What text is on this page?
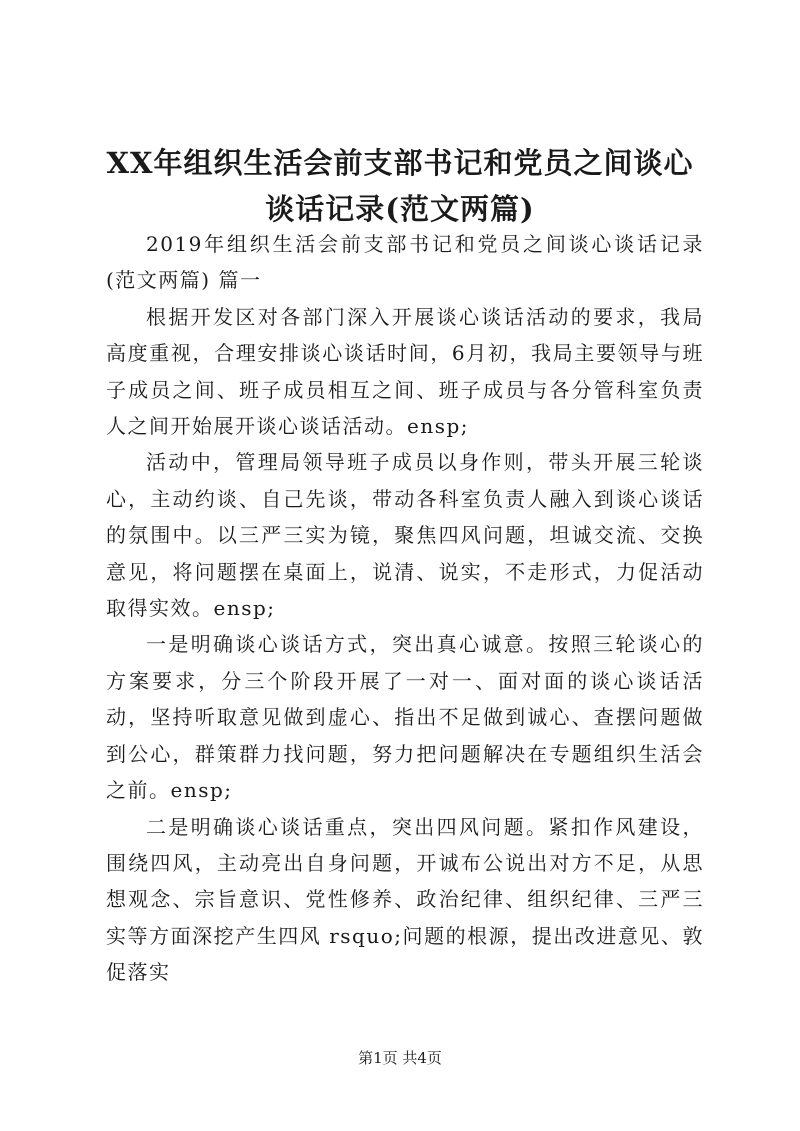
XX年组织生活会前支部书记和党员之间谈心
谈话记录(范文两篇)

2019年组织生活会前支部书记和党员之间谈心谈话记录(范文两篇) 篇一

根据开发区对各部门深入开展谈心谈话活动的要求，我局高度重视，合理安排谈心谈话时间，6月初，我局主要领导与班子成员之间、班子成员相互之间、班子成员与各分管科室负责人之间开始展开谈心谈话活动。ensp;

活动中，管理局领导班子成员以身作则，带头开展三轮谈心，主动约谈、自己先谈，带动各科室负责人融入到谈心谈话的氛围中。以三严三实为镜，聚焦四风问题，坦诚交流、交换意见，将问题摆在桌面上，说清、说实，不走形式，力促活动取得实效。ensp;

一是明确谈心谈话方式，突出真心诚意。按照三轮谈心的方案要求，分三个阶段开展了一对一、面对面的谈心谈话活动，坚持听取意见做到虚心、指出不足做到诚心、查摆问题做到公心，群策群力找问题，努力把问题解决在专题组织生活会之前。ensp;

二是明确谈心谈话重点，突出四风问题。紧扣作风建设，围绕四风，主动亮出自身问题，开诚布公说出对方不足，从思想观念、宗旨意识、党性修养、政治纪律、组织纪律、三严三实等方面深挖产生四风 rsquo;问题的根源，提出改进意见、敦促落实

第1页 共4页
